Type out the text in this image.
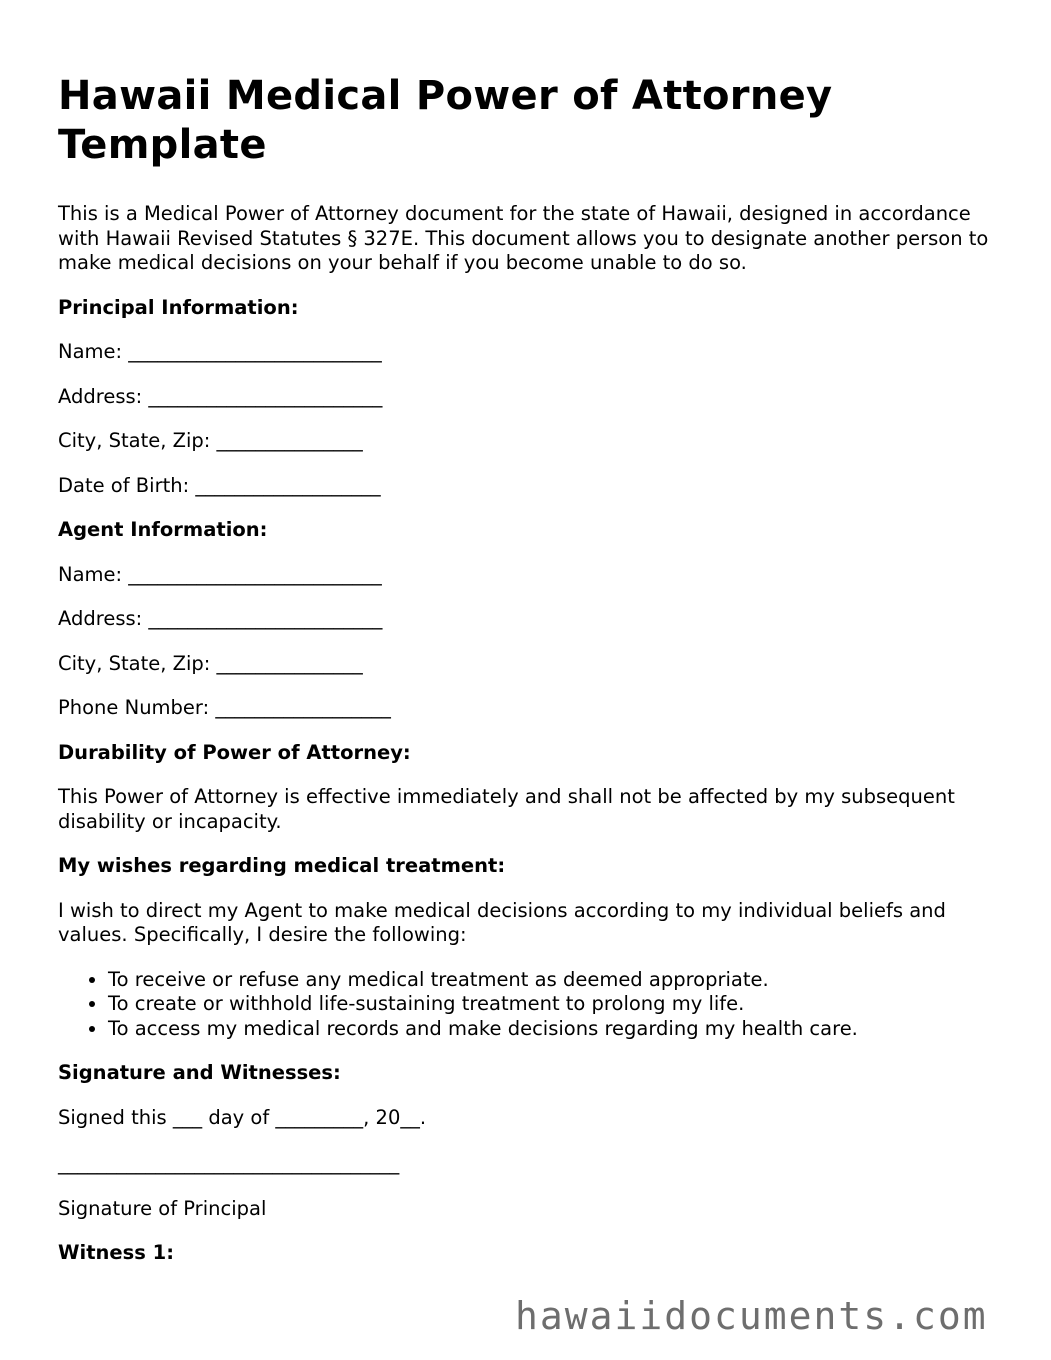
Hawaii Medical Power of Attorney Template

This is a Medical Power of Attorney document for the state of Hawaii, designed in accordance with Hawaii Revised Statutes § 327E. This document allows you to designate another person to make medical decisions on your behalf if you become unable to do so.

Principal Information:

Name: __________________________

Address: ________________________

City, State, Zip: _______________

Date of Birth: ___________________

Agent Information:

Name: __________________________

Address: ________________________

City, State, Zip: _______________

Phone Number: __________________

Durability of Power of Attorney:

This Power of Attorney is effective immediately and shall not be affected by my subsequent disability or incapacity.

My wishes regarding medical treatment:

I wish to direct my Agent to make medical decisions according to my individual beliefs and values. Specifically, I desire the following:

• To receive or refuse any medical treatment as deemed appropriate.
• To create or withhold life-sustaining treatment to prolong my life.
• To access my medical records and make decisions regarding my health care.

Signature and Witnesses:

Signed this ___ day of _________, 20__.

___________________________________

Signature of Principal

Witness 1:

hawaiidocuments.com
